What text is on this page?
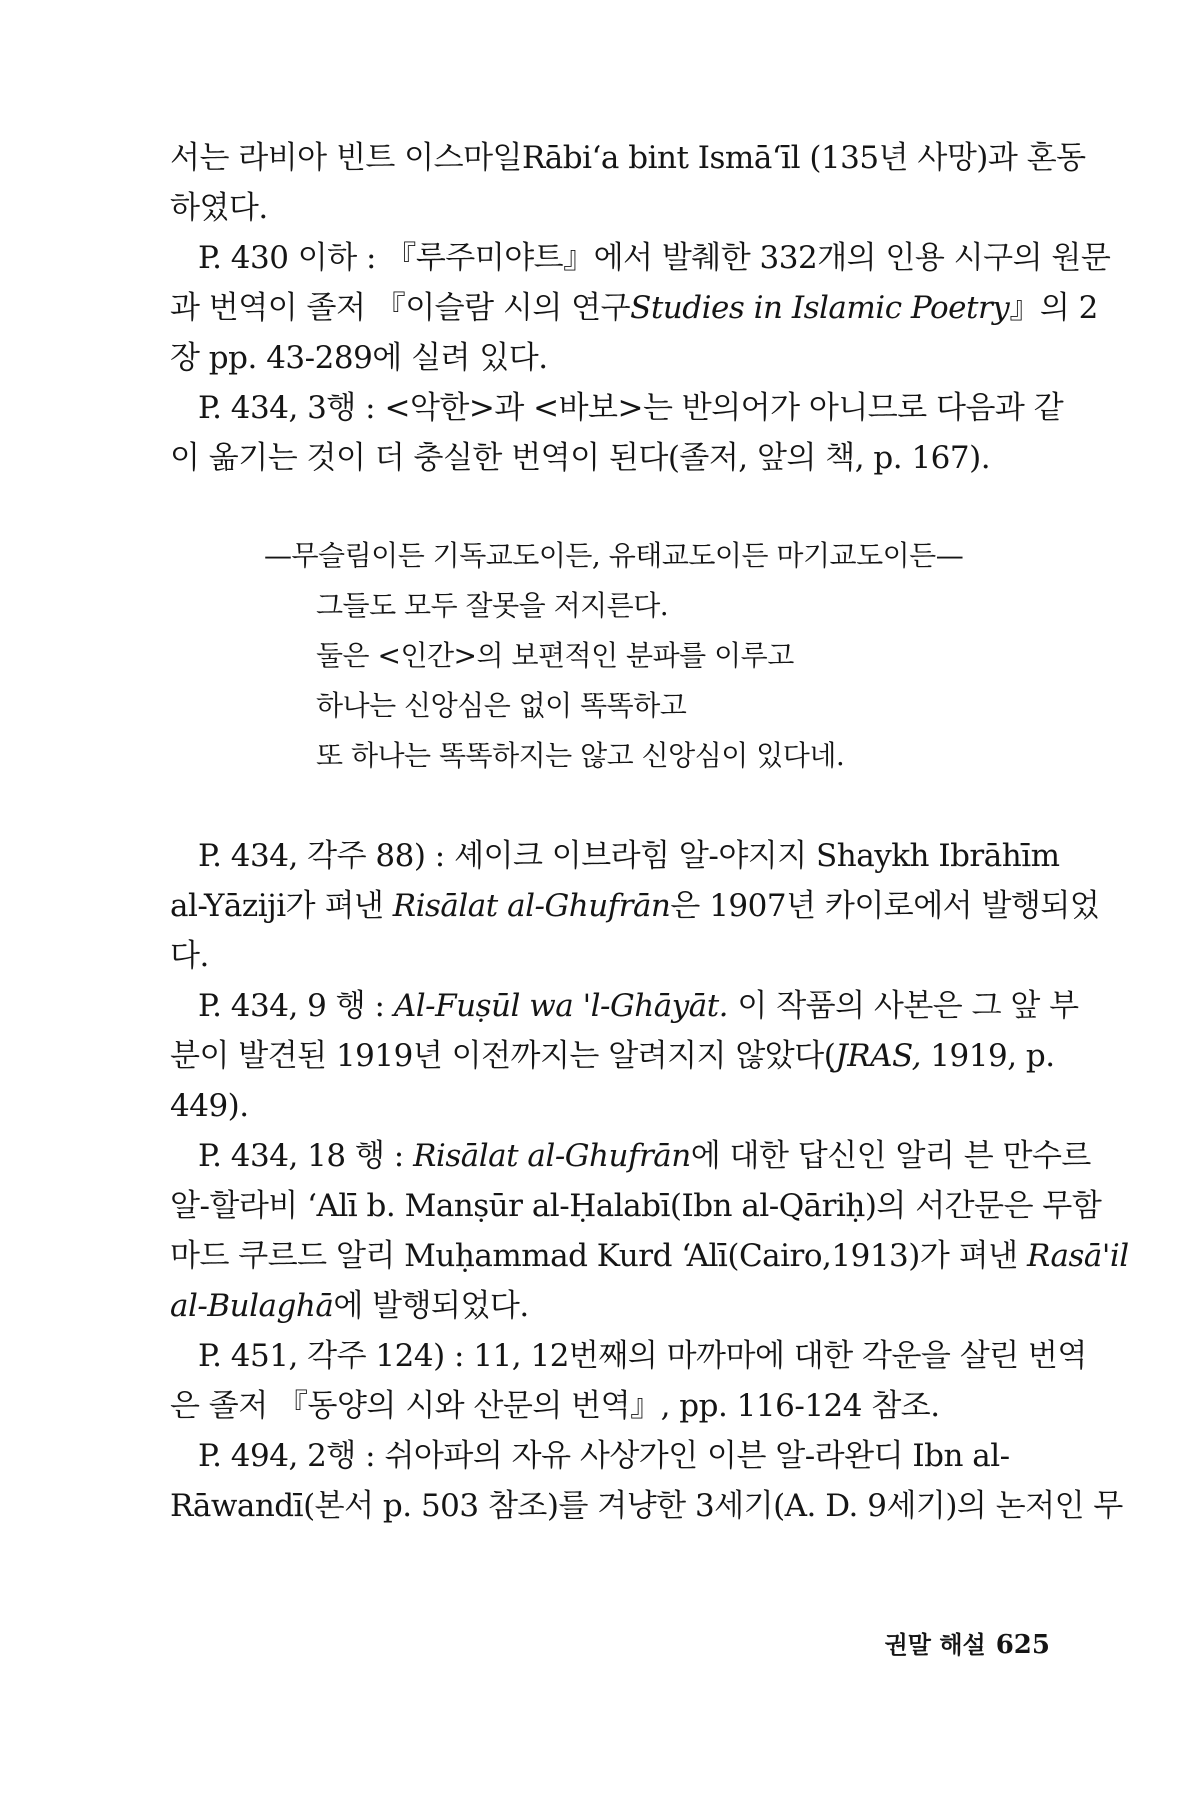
서는 라비아 빈트 이스마일Rābi‘a bint Ismā‘īl (135년 사망)과 혼동
하였다.
P. 430 이하 : 『루주미야트』에서 발췌한 332개의 인용 시구의 원문
과 번역이 졸저 『이슬람 시의 연구Studies in Islamic Poetry』의 2
장 pp. 43-289에 실려 있다.
P. 434, 3행 : <악한>과 <바보>는 반의어가 아니므로 다음과 같
이 옮기는 것이 더 충실한 번역이 된다(졸저, 앞의 책, p. 167).
—무슬림이든 기독교도이든, 유태교도이든 마기교도이든—
그들도 모두 잘못을 저지른다.
둘은 <인간>의 보편적인 분파를 이루고
하나는 신앙심은 없이 똑똑하고
또 하나는 똑똑하지는 않고 신앙심이 있다네.
P. 434, 각주 88) : 셰이크 이브라힘 알-야지지 Shaykh Ibrāhīm
al-Yāziji가 펴낸 Risālat al-Ghufrān은 1907년 카이로에서 발행되었
다.
P. 434, 9 행 : Al-Fuṣūl wa 'l-Ghāyāt. 이 작품의 사본은 그 앞 부
분이 발견된 1919년 이전까지는 알려지지 않았다(JRAS, 1919, p.
449).
P. 434, 18 행 : Risālat al-Ghufrān에 대한 답신인 알리 븐 만수르
알-할라비 ‘Alī b. Manṣūr al-Ḥalabī(Ibn al-Qāriḥ)의 서간문은 무함
마드 쿠르드 알리 Muḥammad Kurd ‘Alī(Cairo,1913)가 펴낸 Rasā'il
al-Bulaghā에 발행되었다.
P. 451, 각주 124) : 11, 12번째의 마까마에 대한 각운을 살린 번역
은 졸저 『동양의 시와 산문의 번역』, pp. 116-124 참조.
P. 494, 2행 : 쉬아파의 자유 사상가인 이븐 알-라완디 Ibn al-
Rāwandī(본서 p. 503 참조)를 겨냥한 3세기(A. D. 9세기)의 논저인 무
권말 해설 625
